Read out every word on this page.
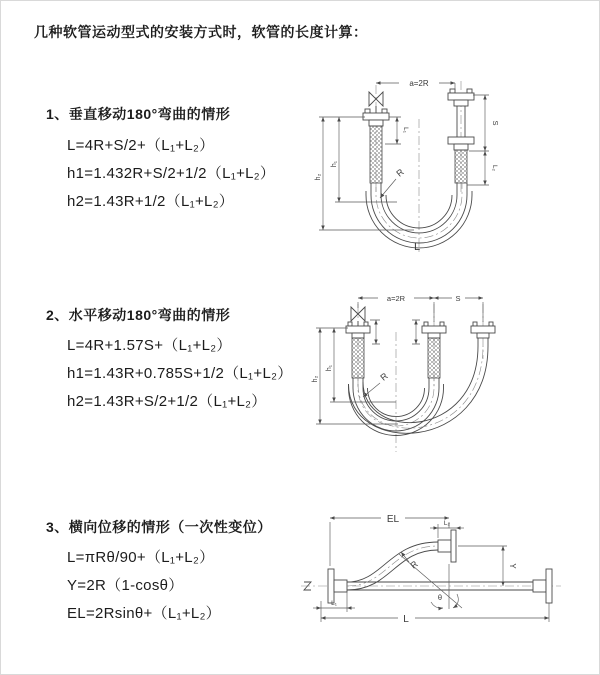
几种软管运动型式的安装方式时，软管的长度计算：
1、垂直移动180°弯曲的情形
L=4R+S/2+（L₁+L₂）
h1=1.432R+S/2+1/2（L₁+L₂）
h2=1.43R+1/2（L₁+L₂）
a=2R
L₁
S
L₂
h₁
h₂	R
L
2、水平移动180°弯曲的情形
L=4R+1.57S+（L₁+L₂）
h1=1.43R+0.785S+1/2（L₁+L₂）
h2=1.43R+S/2+1/2（L₁+L₂）
a=2R	S
h₁
h₂	R
3、横向位移的情形（一次性变位）
L=πRθ/90+（L₁+L₂）
Y=2R（1-cosθ）
EL=2Rsinθ+（L₁+L₂）
EL	L₂
Y
θ
R
L
L₁
